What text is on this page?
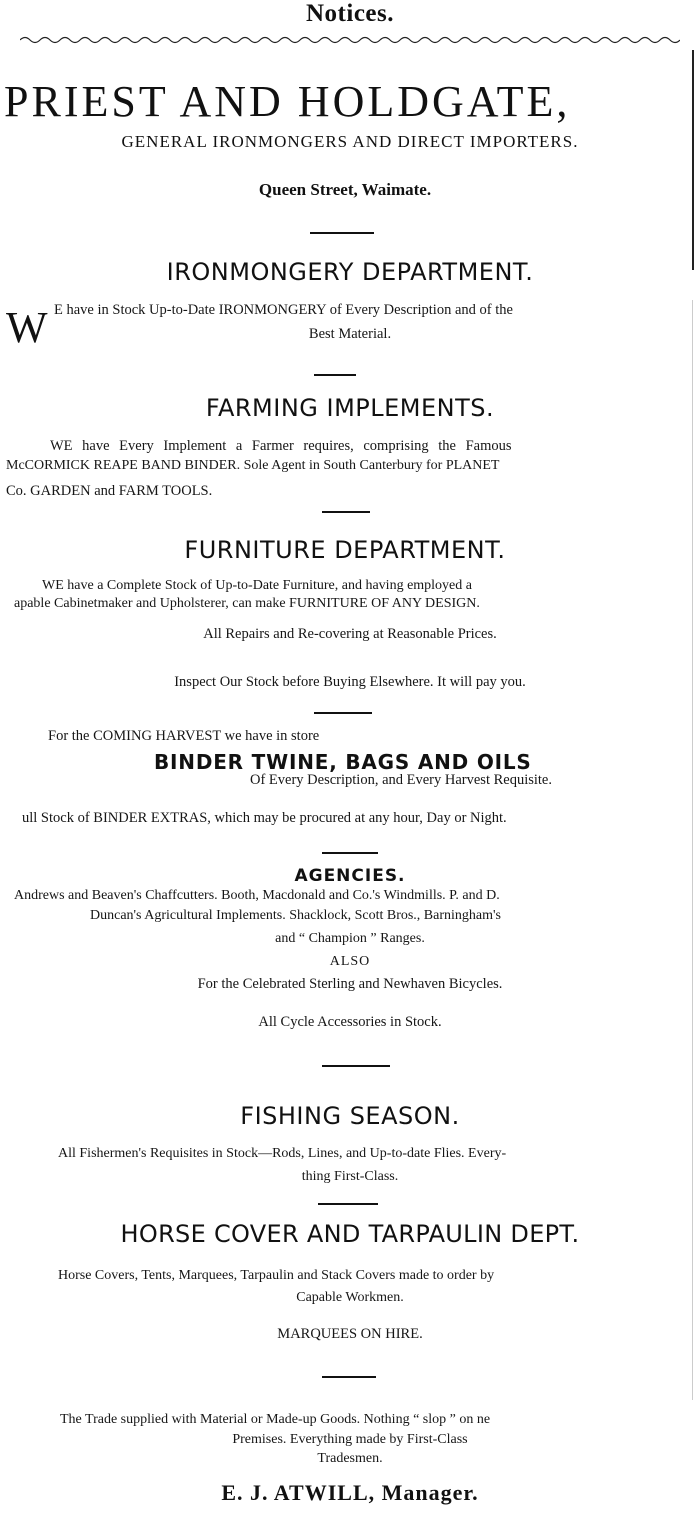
Notices.
PRIEST AND HOLDGATE,
GENERAL IRONMONGERS AND DIRECT IMPORTERS.
Queen Street, Waimate.
IRONMONGERY DEPARTMENT.
W E have in Stock Up-to-Date IRONMONGERY of Every Description and of the
Best Material.
FARMING IMPLEMENTS.
WE have Every Implement a Farmer requires, comprising the Famous
McCORMICK REAPE BAND BINDER. Sole Agent in South Canterbury for PLANET
Co. GARDEN and FARM TOOLS.
FURNITURE DEPARTMENT.
WE have a Complete Stock of Up-to-Date Furniture, and having employed a
apable Cabinetmaker and Upholsterer, can make FURNITURE OF ANY DESIGN.
All Repairs and Re-covering at Reasonable Prices.
Inspect Our Stock before Buying Elsewhere. It will pay you.
For the COMING HARVEST we have in store
BINDER TWINE, BAGS AND OILS
Of Every Description, and Every Harvest Requisite.
ull Stock of BINDER EXTRAS, which may be procured at any hour, Day or Night.
AGENCIES.
Andrews and Beaven's Chaffcutters. Booth, Macdonald and Co.'s Windmills. P. and D.
Duncan's Agricultural Implements. Shacklock, Scott Bros., Barningham's
and “ Champion ” Ranges.
ALSO
For the Celebrated Sterling and Newhaven Bicycles.
All Cycle Accessories in Stock.
FISHING SEASON.
All Fishermen's Requisites in Stock—Rods, Lines, and Up-to-date Flies. Every-
thing First-Class.
HORSE COVER AND TARPAULIN DEPT.
Horse Covers, Tents, Marquees, Tarpaulin and Stack Covers made to order by
Capable Workmen.
MARQUEES ON HIRE.
The Trade supplied with Material or Made-up Goods. Nothing “ slop ” on ne
Premises. Everything made by First-Class
Tradesmen.
E. J. ATWILL, Manager.
